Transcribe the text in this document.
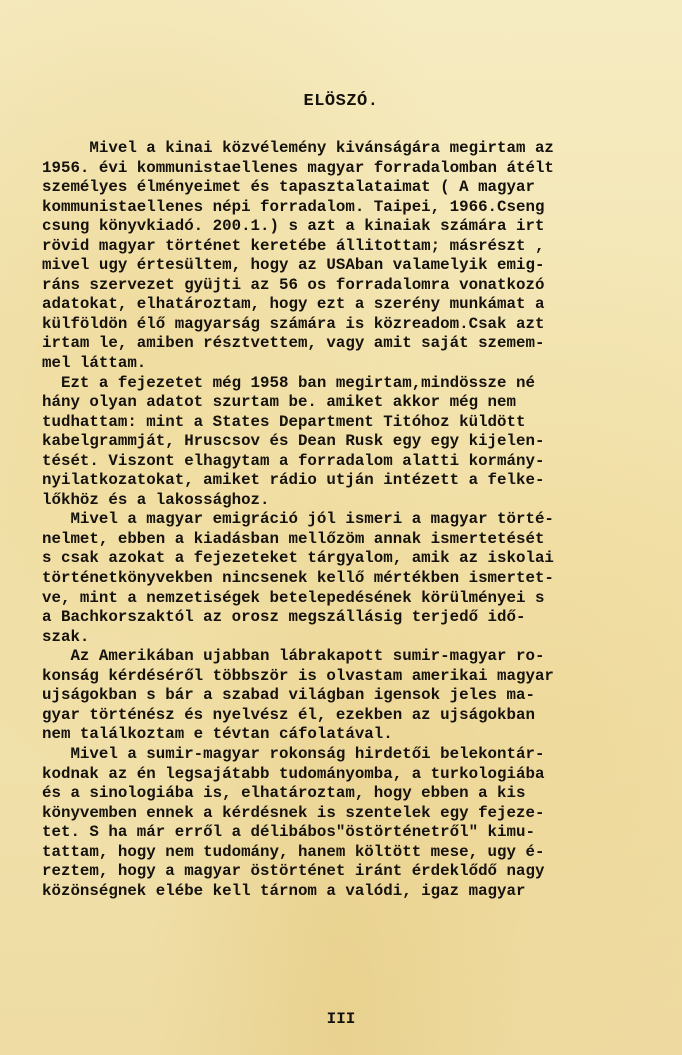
ELÖSZÓ.
Mivel a kinai közvélemény kivánságára megirtam az
1956. évi kommunistaellenes magyar forradalomban átélt
személyes élményeimet és tapasztalataimat ( A magyar
kommunistaellenes népi forradalom. Taipei, 1966.Cseng
csung könyvkiadó. 200.1.) s azt a kinaiak számára irt
rövid magyar történet keretébe állitottam; másrészt ,
mivel ugy értesültem, hogy az USAban valamelyik emig-
ráns szervezet gyüjti az 56 os forradalomra vonatkozó
adatokat, elhatároztam, hogy ezt a szerény munkámat a
külföldön élő magyarság számára is közreadom.Csak azt
irtam le, amiben résztvettem, vagy amit saját szemem-
mel láttam.
Ezt a fejezetet még 1958 ban megirtam,mindössze né
hány olyan adatot szurtam be. amiket akkor még nem
tudhattam: mint a States Department Titóhoz küldött
kabelgrammját, Hruscsov és Dean Rusk egy egy kijelen-
tését. Viszont elhagytam a forradalom alatti kormány-
nyilatkozatokat, amiket rádio utján intézett a felke-
lőkhöz és a lakossághoz.
Mivel a magyar emigráció jól ismeri a magyar törté-
nelmet, ebben a kiadásban mellőzöm annak ismertetését
s csak azokat a fejezeteket tárgyalom, amik az iskolai
történetkönyvekben nincsenek kellő mértékben ismertet-
ve, mint a nemzetiségek betelepedésének körülményei s
a Bachkorszaktól az orosz megszállásig terjedő idő-
szak.
Az Amerikában ujabban lábrakapott sumir-magyar ro-
konság kérdéséről többször is olvastam amerikai magyar
ujságokban s bár a szabad világban igensok jeles ma-
gyar történész és nyelvész él, ezekben az ujságokban
nem találkoztam e tévtan cáfolatával.
Mivel a sumir-magyar rokonság hirdetői belekontár-
kodnak az én legsajátabb tudományomba, a turkologiába
és a sinologiába is, elhatároztam, hogy ebben a kis
könyvemben ennek a kérdésnek is szentelek egy fejeze-
tet. S ha már erről a délibábos"östörténetről" kimu-
tattam, hogy nem tudomány, hanem költött mese, ugy é-
reztem, hogy a magyar östörténet iránt érdeklődő nagy
közönségnek elébe kell tárnom a valódi, igaz magyar
III
